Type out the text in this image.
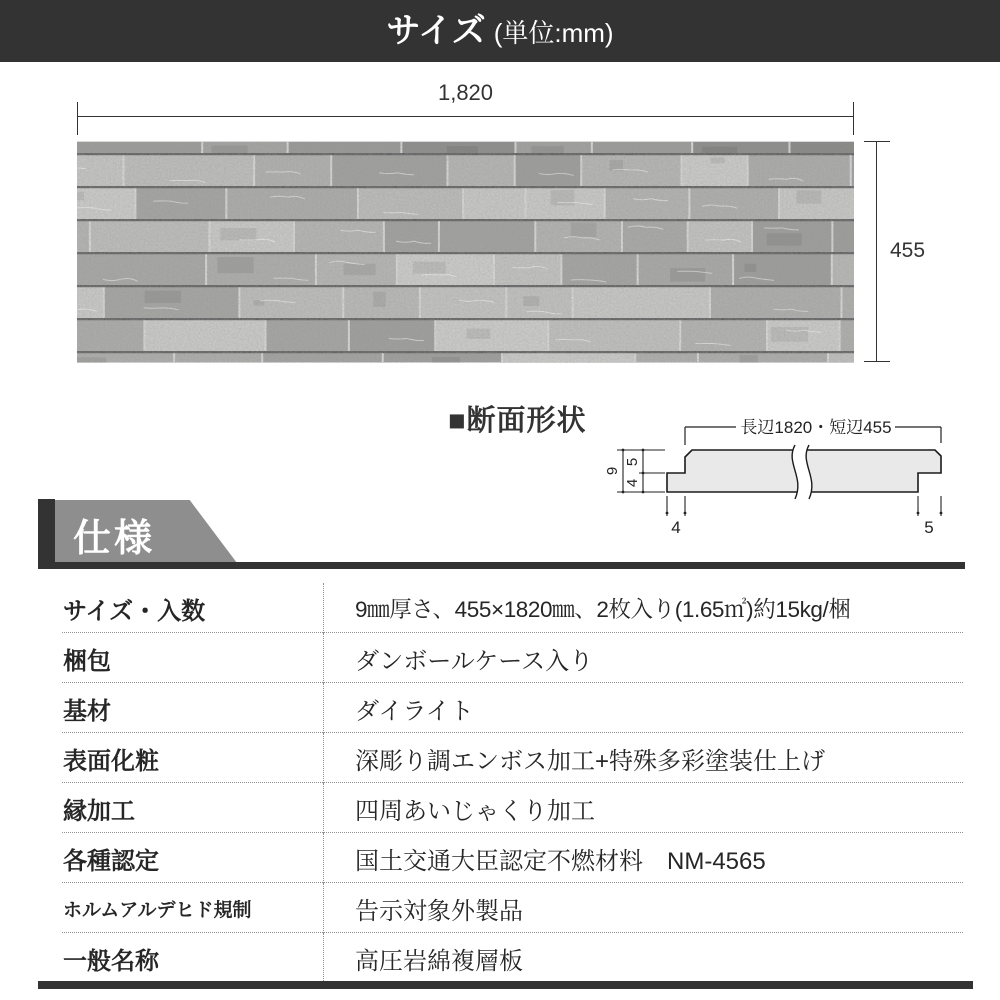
サイズ (単位:mm)
1,820
455
■断面形状	長辺1820・短辺455
9
5
4
4	5
仕様
サイズ・入数	9㎜厚さ、455×1820㎜、2枚入り(1.65㎡)約15kg/梱
梱包	ダンボールケース入り
基材	ダイライト
表面化粧	深彫り調エンボス加工+特殊多彩塗装仕上げ
縁加工	四周あいじゃくり加工
各種認定	国土交通大臣認定不燃材料　NM-4565
ホルムアルデヒド規制	告示対象外製品
一般名称	高圧岩綿複層板
